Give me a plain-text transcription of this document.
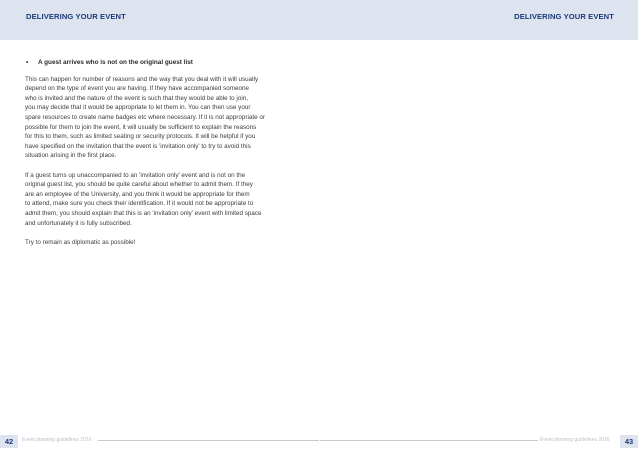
DELIVERING YOUR EVENT	DELIVERING YOUR EVENT
•	A guest arrives who is not on the original guest list

This can happen for number of reasons and the way that you deal with it will usually
depend on the type of event you are having. If they have accompanied someone
who is invited and the nature of the event is such that they would be able to join,
you may decide that it would be appropriate to let them in. You can then use your
spare resources to create name badges etc where necessary. If it is not appropriate or
possible for them to join the event, it will usually be sufficient to explain the reasons
for this to them, such as limited seating or security protocols. It will be helpful if you
have specified on the invitation that the event is 'invitation only' to try to avoid this
situation arising in the first place.

If a guest turns up unaccompanied to an 'invitation only' event and is not on the
original guest list, you should be quite careful about whether to admit them. If they
are an employee of the University, and you think it would be appropriate for them
to attend, make sure you check their identification. If it would not be appropriate to
admit them, you should explain that this is an 'invitation only' event with limited space
and unfortunately it is fully subscribed.

Try to remain as diplomatic as possible!

42	Event planning guidelines 2016	Event planning guidelines 2016	43
